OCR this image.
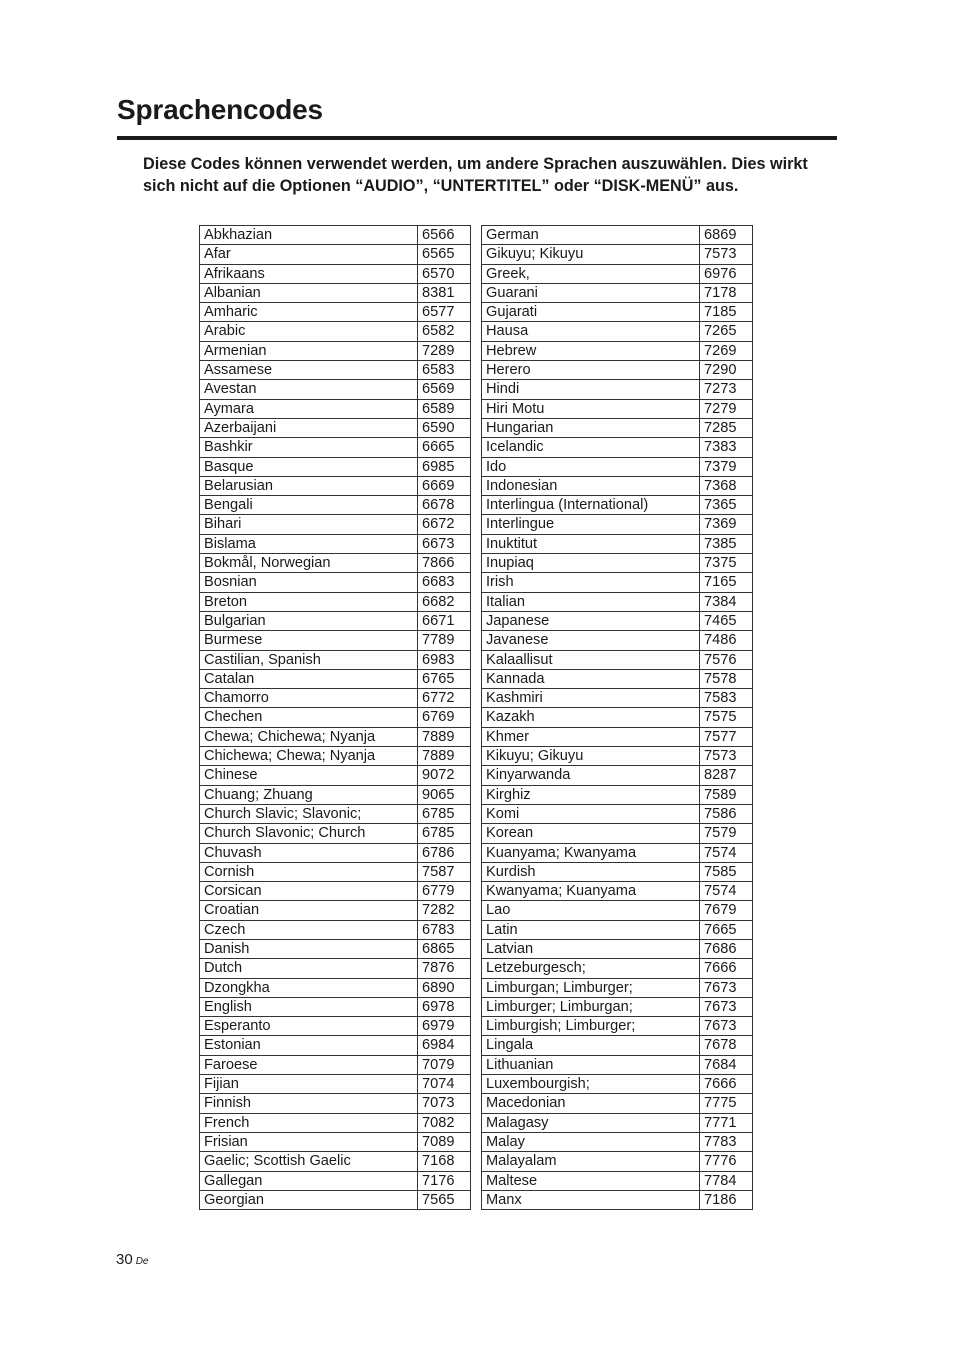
Sprachencodes

Diese Codes können verwendet werden, um andere Sprachen auszuwählen. Dies wirkt sich nicht auf die Optionen “AUDIO”, “UNTERTITEL” oder “DISK-MENÜ” aus.

Abkhazian	6566
Afar	6565
Afrikaans	6570
Albanian	8381
Amharic	6577
Arabic	6582
Armenian	7289
Assamese	6583
Avestan	6569
Aymara	6589
Azerbaijani	6590
Bashkir	6665
Basque	6985
Belarusian	6669
Bengali	6678
Bihari	6672
Bislama	6673
Bokmål, Norwegian	7866
Bosnian	6683
Breton	6682
Bulgarian	6671
Burmese	7789
Castilian, Spanish	6983
Catalan	6765
Chamorro	6772
Chechen	6769
Chewa; Chichewa; Nyanja	7889
Chichewa; Chewa; Nyanja	7889
Chinese	9072
Chuang; Zhuang	9065
Church Slavic; Slavonic;	6785
Church Slavonic; Church	6785
Chuvash	6786
Cornish	7587
Corsican	6779
Croatian	7282
Czech	6783
Danish	6865
Dutch	7876
Dzongkha	6890
English	6978
Esperanto	6979
Estonian	6984
Faroese	7079
Fijian	7074
Finnish	7073
French	7082
Frisian	7089
Gaelic; Scottish Gaelic	7168
Gallegan	7176
Georgian	7565
German	6869
Gikuyu; Kikuyu	7573
Greek,	6976
Guarani	7178
Gujarati	7185
Hausa	7265
Hebrew	7269
Herero	7290
Hindi	7273
Hiri Motu	7279
Hungarian	7285
Icelandic	7383
Ido	7379
Indonesian	7368
Interlingua (International)	7365
Interlingue	7369
Inuktitut	7385
Inupiaq	7375
Irish	7165
Italian	7384
Japanese	7465
Javanese	7486
Kalaallisut	7576
Kannada	7578
Kashmiri	7583
Kazakh	7575
Khmer	7577
Kikuyu; Gikuyu	7573
Kinyarwanda	8287
Kirghiz	7589
Komi	7586
Korean	7579
Kuanyama; Kwanyama	7574
Kurdish	7585
Kwanyama; Kuanyama	7574
Lao	7679
Latin	7665
Latvian	7686
Letzeburgesch;	7666
Limburgan; Limburger;	7673
Limburger; Limburgan;	7673
Limburgish; Limburger;	7673
Lingala	7678
Lithuanian	7684
Luxembourgish;	7666
Macedonian	7775
Malagasy	7771
Malay	7783
Malayalam	7776
Maltese	7784
Manx	7186
30 De
